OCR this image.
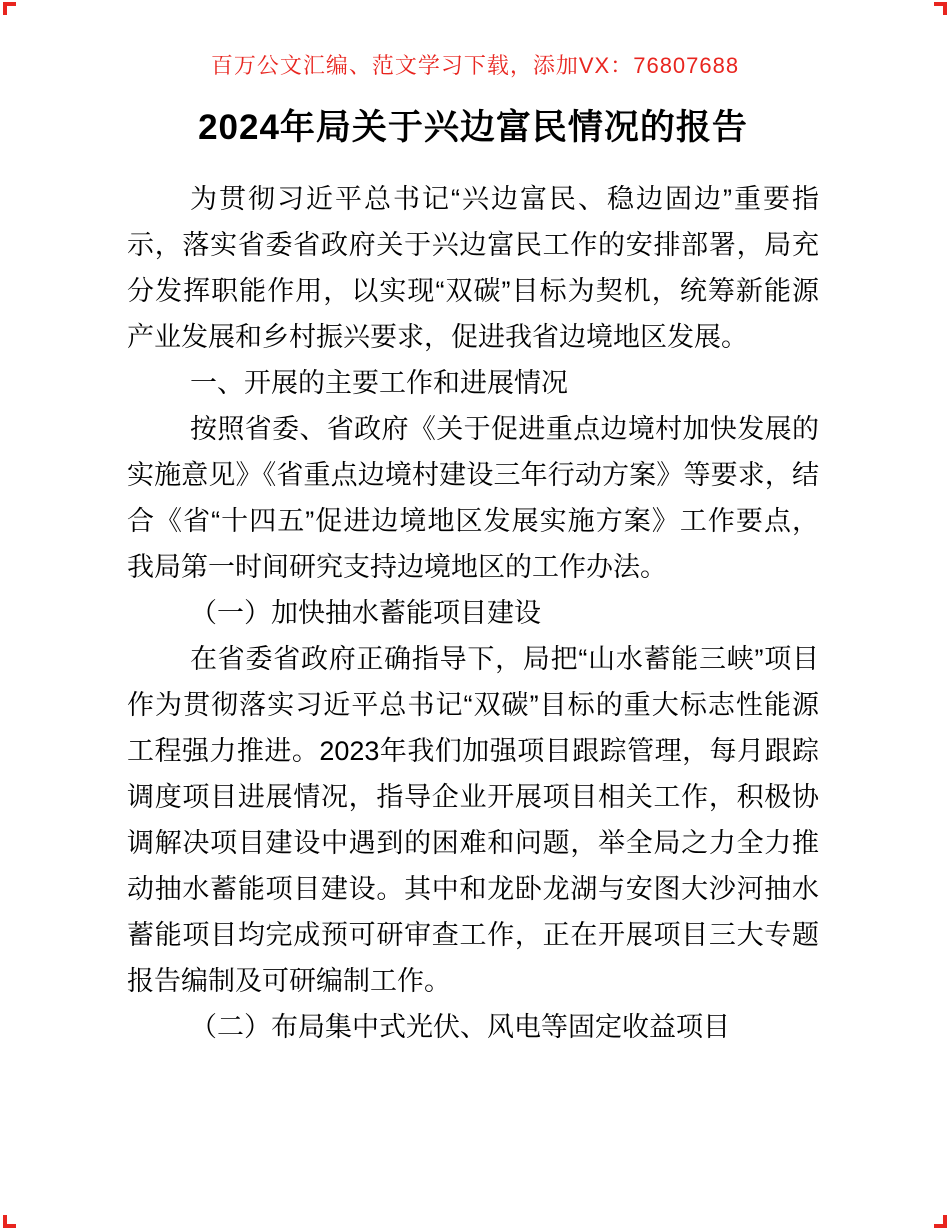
百万公文汇编、范文学习下载，添加VX：76807688
2024年局关于兴边富民情况的报告

为贯彻习近平总书记“兴边富民、稳边固边”重要指示，落实省委省政府关于兴边富民工作的安排部署，局充分发挥职能作用，以实现“双碳”目标为契机，统筹新能源产业发展和乡村振兴要求，促进我省边境地区发展。

一、开展的主要工作和进展情况

按照省委、省政府《关于促进重点边境村加快发展的实施意见》《省重点边境村建设三年行动方案》等要求，结合《省“十四五”促进边境地区发展实施方案》工作要点，我局第一时间研究支持边境地区的工作办法。

（一）加快抽水蓄能项目建设

在省委省政府正确指导下，局把“山水蓄能三峡”项目作为贯彻落实习近平总书记“双碳”目标的重大标志性能源工程强力推进。2023年我们加强项目跟踪管理，每月跟踪调度项目进展情况，指导企业开展项目相关工作，积极协调解决项目建设中遇到的困难和问题，举全局之力全力推动抽水蓄能项目建设。其中和龙卧龙湖与安图大沙河抽水蓄能项目均完成预可研审查工作，正在开展项目三大专题报告编制及可研编制工作。

（二）布局集中式光伏、风电等固定收益项目
